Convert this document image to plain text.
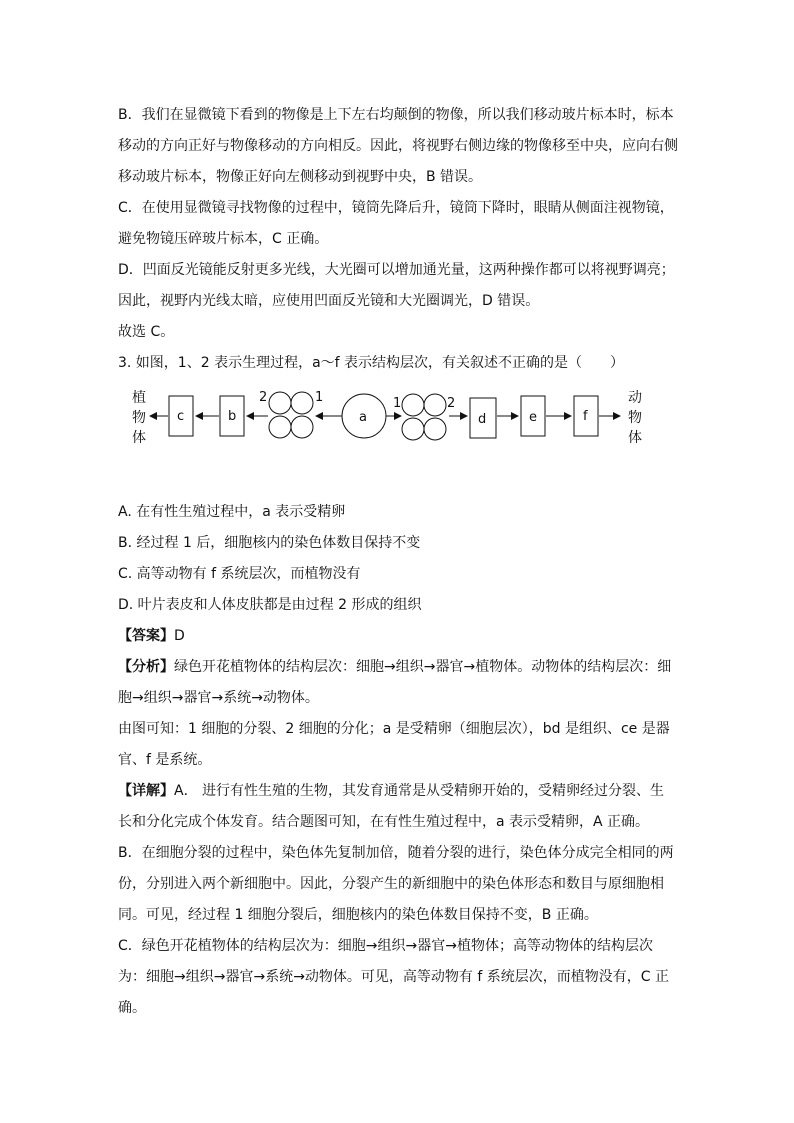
B．我们在显微镜下看到的物像是上下左右均颠倒的物像，所以我们移动玻片标本时，标本移动的方向正好与物像移动的方向相反。因此，将视野右侧边缘的物像移至中央，应向右侧移动玻片标本，物像正好向左侧移动到视野中央，B 错误。

C．在使用显微镜寻找物像的过程中，镜筒先降后升，镜筒下降时，眼睛从侧面注视物镜，避免物镜压碎玻片标本，C 正确。

D．凹面反光镜能反射更多光线，大光圈可以增加通光量，这两种操作都可以将视野调亮；因此，视野内光线太暗，应使用凹面反光镜和大光圈调光，D 错误。

故选 C。

3. 如图，1、2 表示生理过程，a～f 表示结构层次，有关叙述不正确的是（　　）

植
物
体
c	b
2	1
a
1	2
d	e	f
动
物
体

A. 在有性生殖过程中，a 表示受精卵

B. 经过程 1 后，细胞核内的染色体数目保持不变

C. 高等动物有 f 系统层次，而植物没有

D. 叶片表皮和人体皮肤都是由过程 2 形成的组织

【答案】D

【分析】绿色开花植物体的结构层次：细胞→组织→器官→植物体。动物体的结构层次：细胞→组织→器官→系统→动物体。

由图可知：1 细胞的分裂、2 细胞的分化；a 是受精卵（细胞层次），bd 是组织、ce 是器官、f 是系统。

【详解】A． 进行有性生殖的生物，其发育通常是从受精卵开始的，受精卵经过分裂、生长和分化完成个体发育。结合题图可知，在有性生殖过程中，a 表示受精卵，A 正确。

B．在细胞分裂的过程中，染色体先复制加倍，随着分裂的进行，染色体分成完全相同的两份，分别进入两个新细胞中。因此，分裂产生的新细胞中的染色体形态和数目与原细胞相同。可见，经过程 1 细胞分裂后，细胞核内的染色体数目保持不变，B 正确。

C．绿色开花植物体的结构层次为：细胞→组织→器官→植物体；高等动物体的结构层次为：细胞→组织→器官→系统→动物体。可见，高等动物有 f 系统层次，而植物没有，C 正确。
